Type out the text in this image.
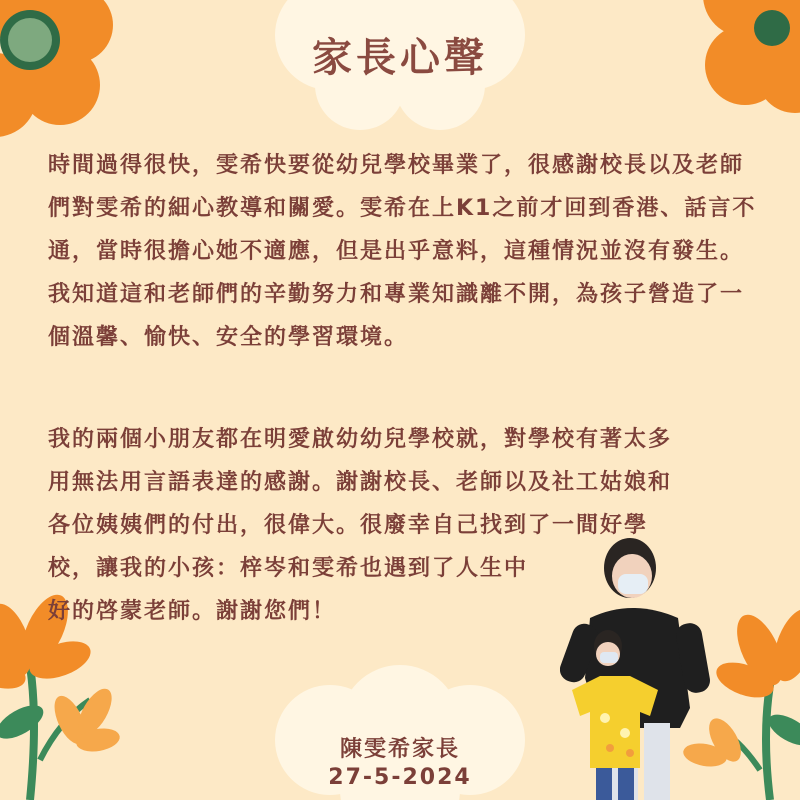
家長心聲
時間過得很快，雯希快要從幼兒學校畢業了，很感謝校長以及老師們對雯希的細心教導和關愛。雯希在上K1之前才回到香港、話言不通，當時很擔心她不適應，但是出乎意料，這種情況並沒有發生。我知道這和老師們的辛勤努力和專業知識離不開，為孩子營造了一個溫馨、愉快、安全的學習環境。
我的兩個小朋友都在明愛啟幼幼兒學校就，對學校有著太多
用無法用言語表達的感謝。謝謝校長、老師以及社工姑娘和
各位姨姨們的付出，很偉大。很廢幸自己找到了一間好學
校，讓我的小孩：梓岑和雯希也遇到了人生中
好的啓蒙老師。謝謝您們！
陳雯希家長
27-5-2024
